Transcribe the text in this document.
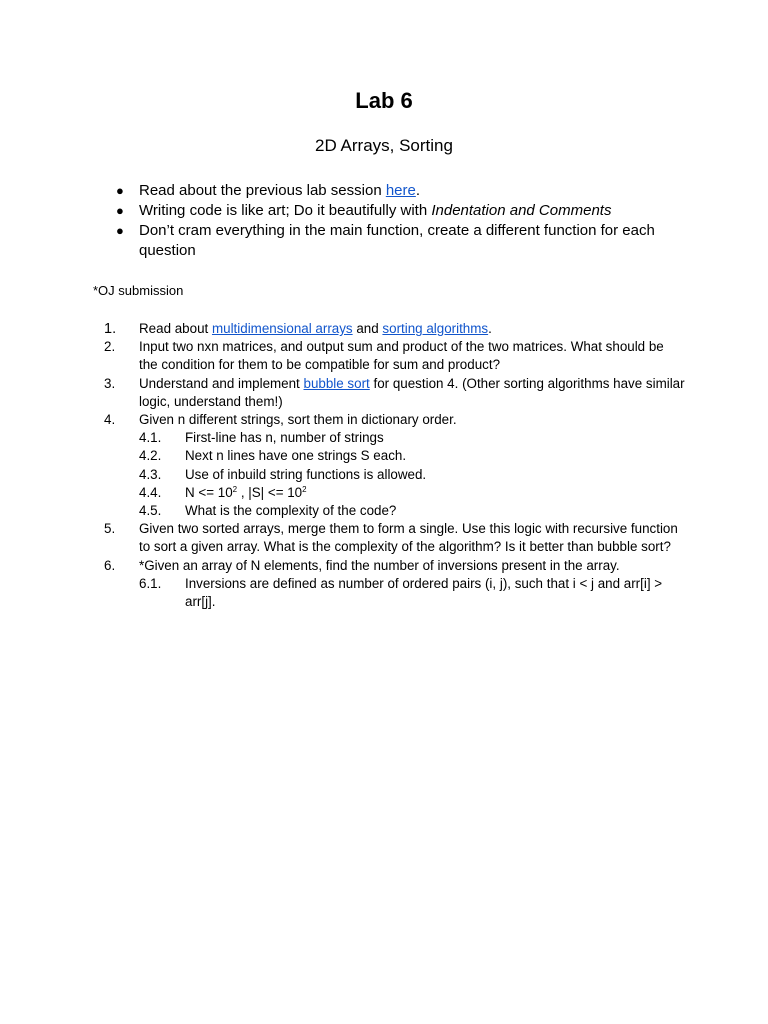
Lab 6
2D Arrays, Sorting
● Read about the previous lab session here.
● Writing code is like art; Do it beautifully with Indentation and Comments
● Don’t cram everything in the main function, create a different function for each question
*OJ submission
1. Read about multidimensional arrays and sorting algorithms.
2. Input two nxn matrices, and output sum and product of the two matrices. What should be the condition for them to be compatible for sum and product?
3. Understand and implement bubble sort for question 4. (Other sorting algorithms have similar logic, understand them!)
4. Given n different strings, sort them in dictionary order.
4.1. First-line has n, number of strings
4.2. Next n lines have one strings S each.
4.3. Use of inbuild string functions is allowed.
4.4. $N <= 10^2$ , $|S| <= 10^2$
4.5. What is the complexity of the code?
5. Given two sorted arrays, merge them to form a single. Use this logic with recursive function to sort a given array. What is the complexity of the algorithm? Is it better than bubble sort?
6. *Given an array of N elements, find the number of inversions present in the array.
6.1. Inversions are defined as number of ordered pairs (i, j), such that i < j and arr[i] > arr[j].
